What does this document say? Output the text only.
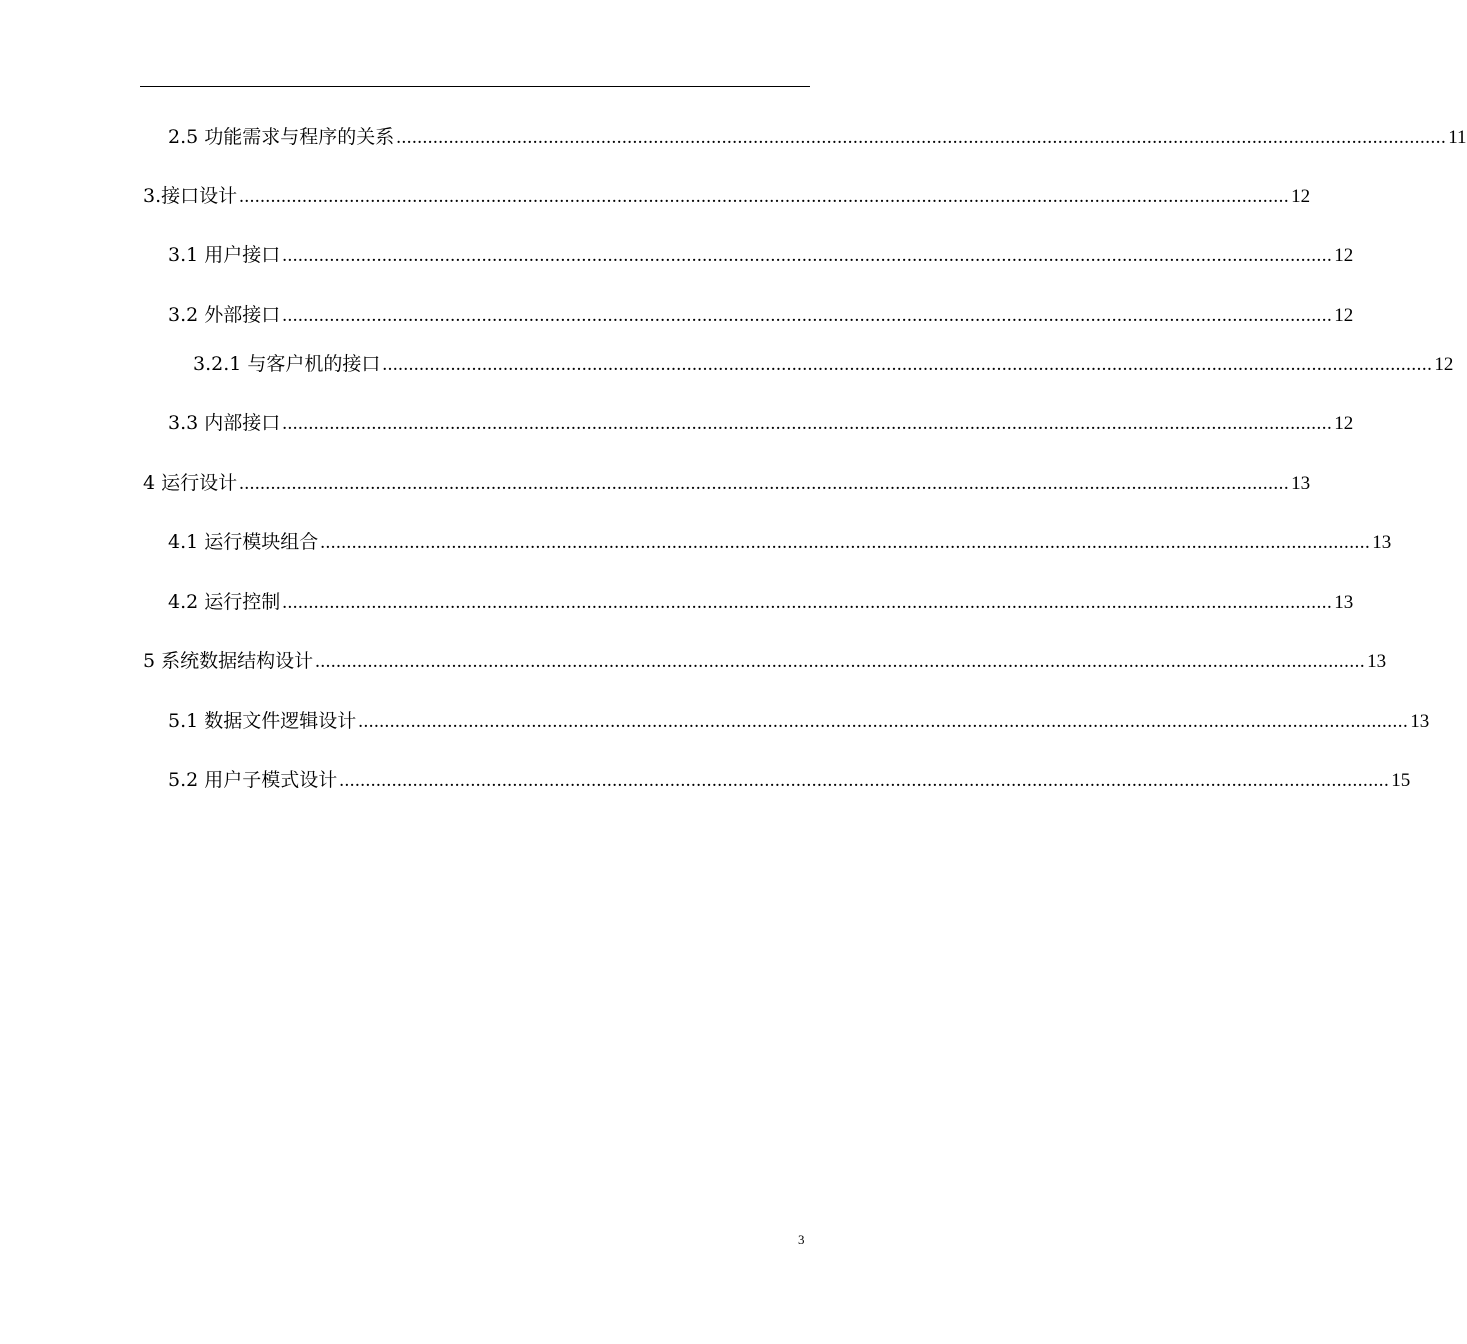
2.5 功能需求与程序的关系 ........................................................................................................................................................................................................ 11
3.接口设计 ........................................................................................................................................................................................................ 12
3.1 用户接口 ........................................................................................................................................................................................................ 12
3.2 外部接口 ........................................................................................................................................................................................................ 12
3.2.1 与客户机的接口 ........................................................................................................................................................................................................ 12
3.3 内部接口 ........................................................................................................................................................................................................ 12
4 运行设计 ........................................................................................................................................................................................................ 13
4.1 运行模块组合 ........................................................................................................................................................................................................ 13
4.2 运行控制 ........................................................................................................................................................................................................ 13
5 系统数据结构设计 ........................................................................................................................................................................................................ 13
5.1 数据文件逻辑设计 ........................................................................................................................................................................................................ 13
5.2 用户子模式设计 ........................................................................................................................................................................................................ 15
3
